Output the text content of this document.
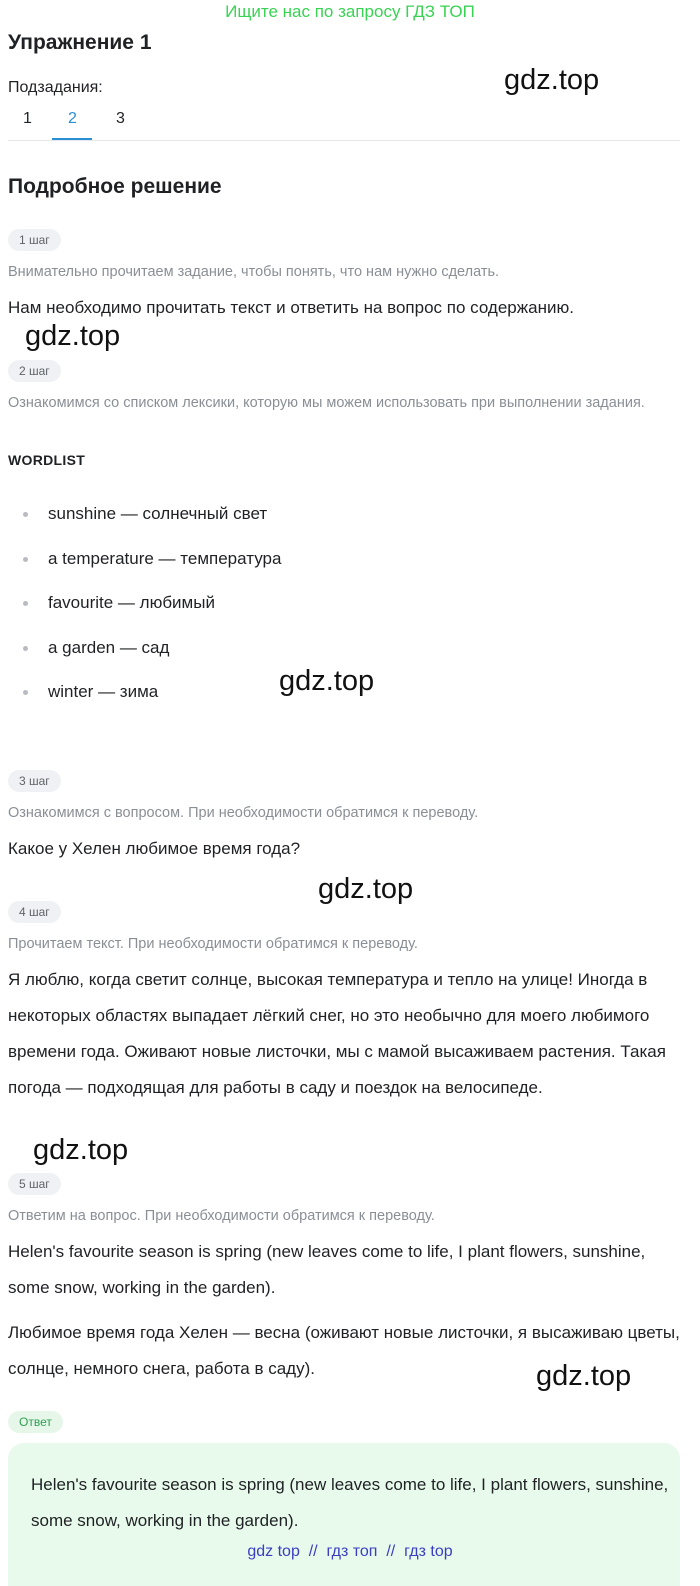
Ищите нас по запросу ГДЗ ТОП
Упражнение 1
gdz.top
Подзадания:
1 2 3
Подробное решение
1 шаг
Внимательно прочитаем задание, чтобы понять, что нам нужно сделать.
Нам необходимо прочитать текст и ответить на вопрос по содержанию.
gdz.top
2 шаг
Ознакомимся со списком лексики, которую мы можем использовать при выполнении задания.
WORDLIST
sunshine — солнечный свет
a temperature — температура
favourite — любимый
a garden — сад
winter — зима	gdz.top
3 шаг
Ознакомимся с вопросом. При необходимости обратимся к переводу.
Какое у Хелен любимое время года?
gdz.top
4 шаг
Прочитаем текст. При необходимости обратимся к переводу.
Я люблю, когда светит солнце, высокая температура и тепло на улице! Иногда в некоторых областях выпадает лёгкий снег, но это необычно для моего любимого времени года. Оживают новые листочки, мы с мамой высаживаем растения. Такая погода — подходящая для работы в саду и поездок на велосипеде.
gdz.top
5 шаг
Ответим на вопрос. При необходимости обратимся к переводу.
Helen's favourite season is spring (new leaves come to life, I plant flowers, sunshine, some snow, working in the garden).
Любимое время года Хелен — весна (оживают новые листочки, я высаживаю цветы, солнце, немного снега, работа в саду).	gdz.top
Ответ
Helen's favourite season is spring (new leaves come to life, I plant flowers, sunshine, some snow, working in the garden).
gdz top // гдз топ // гдз top
